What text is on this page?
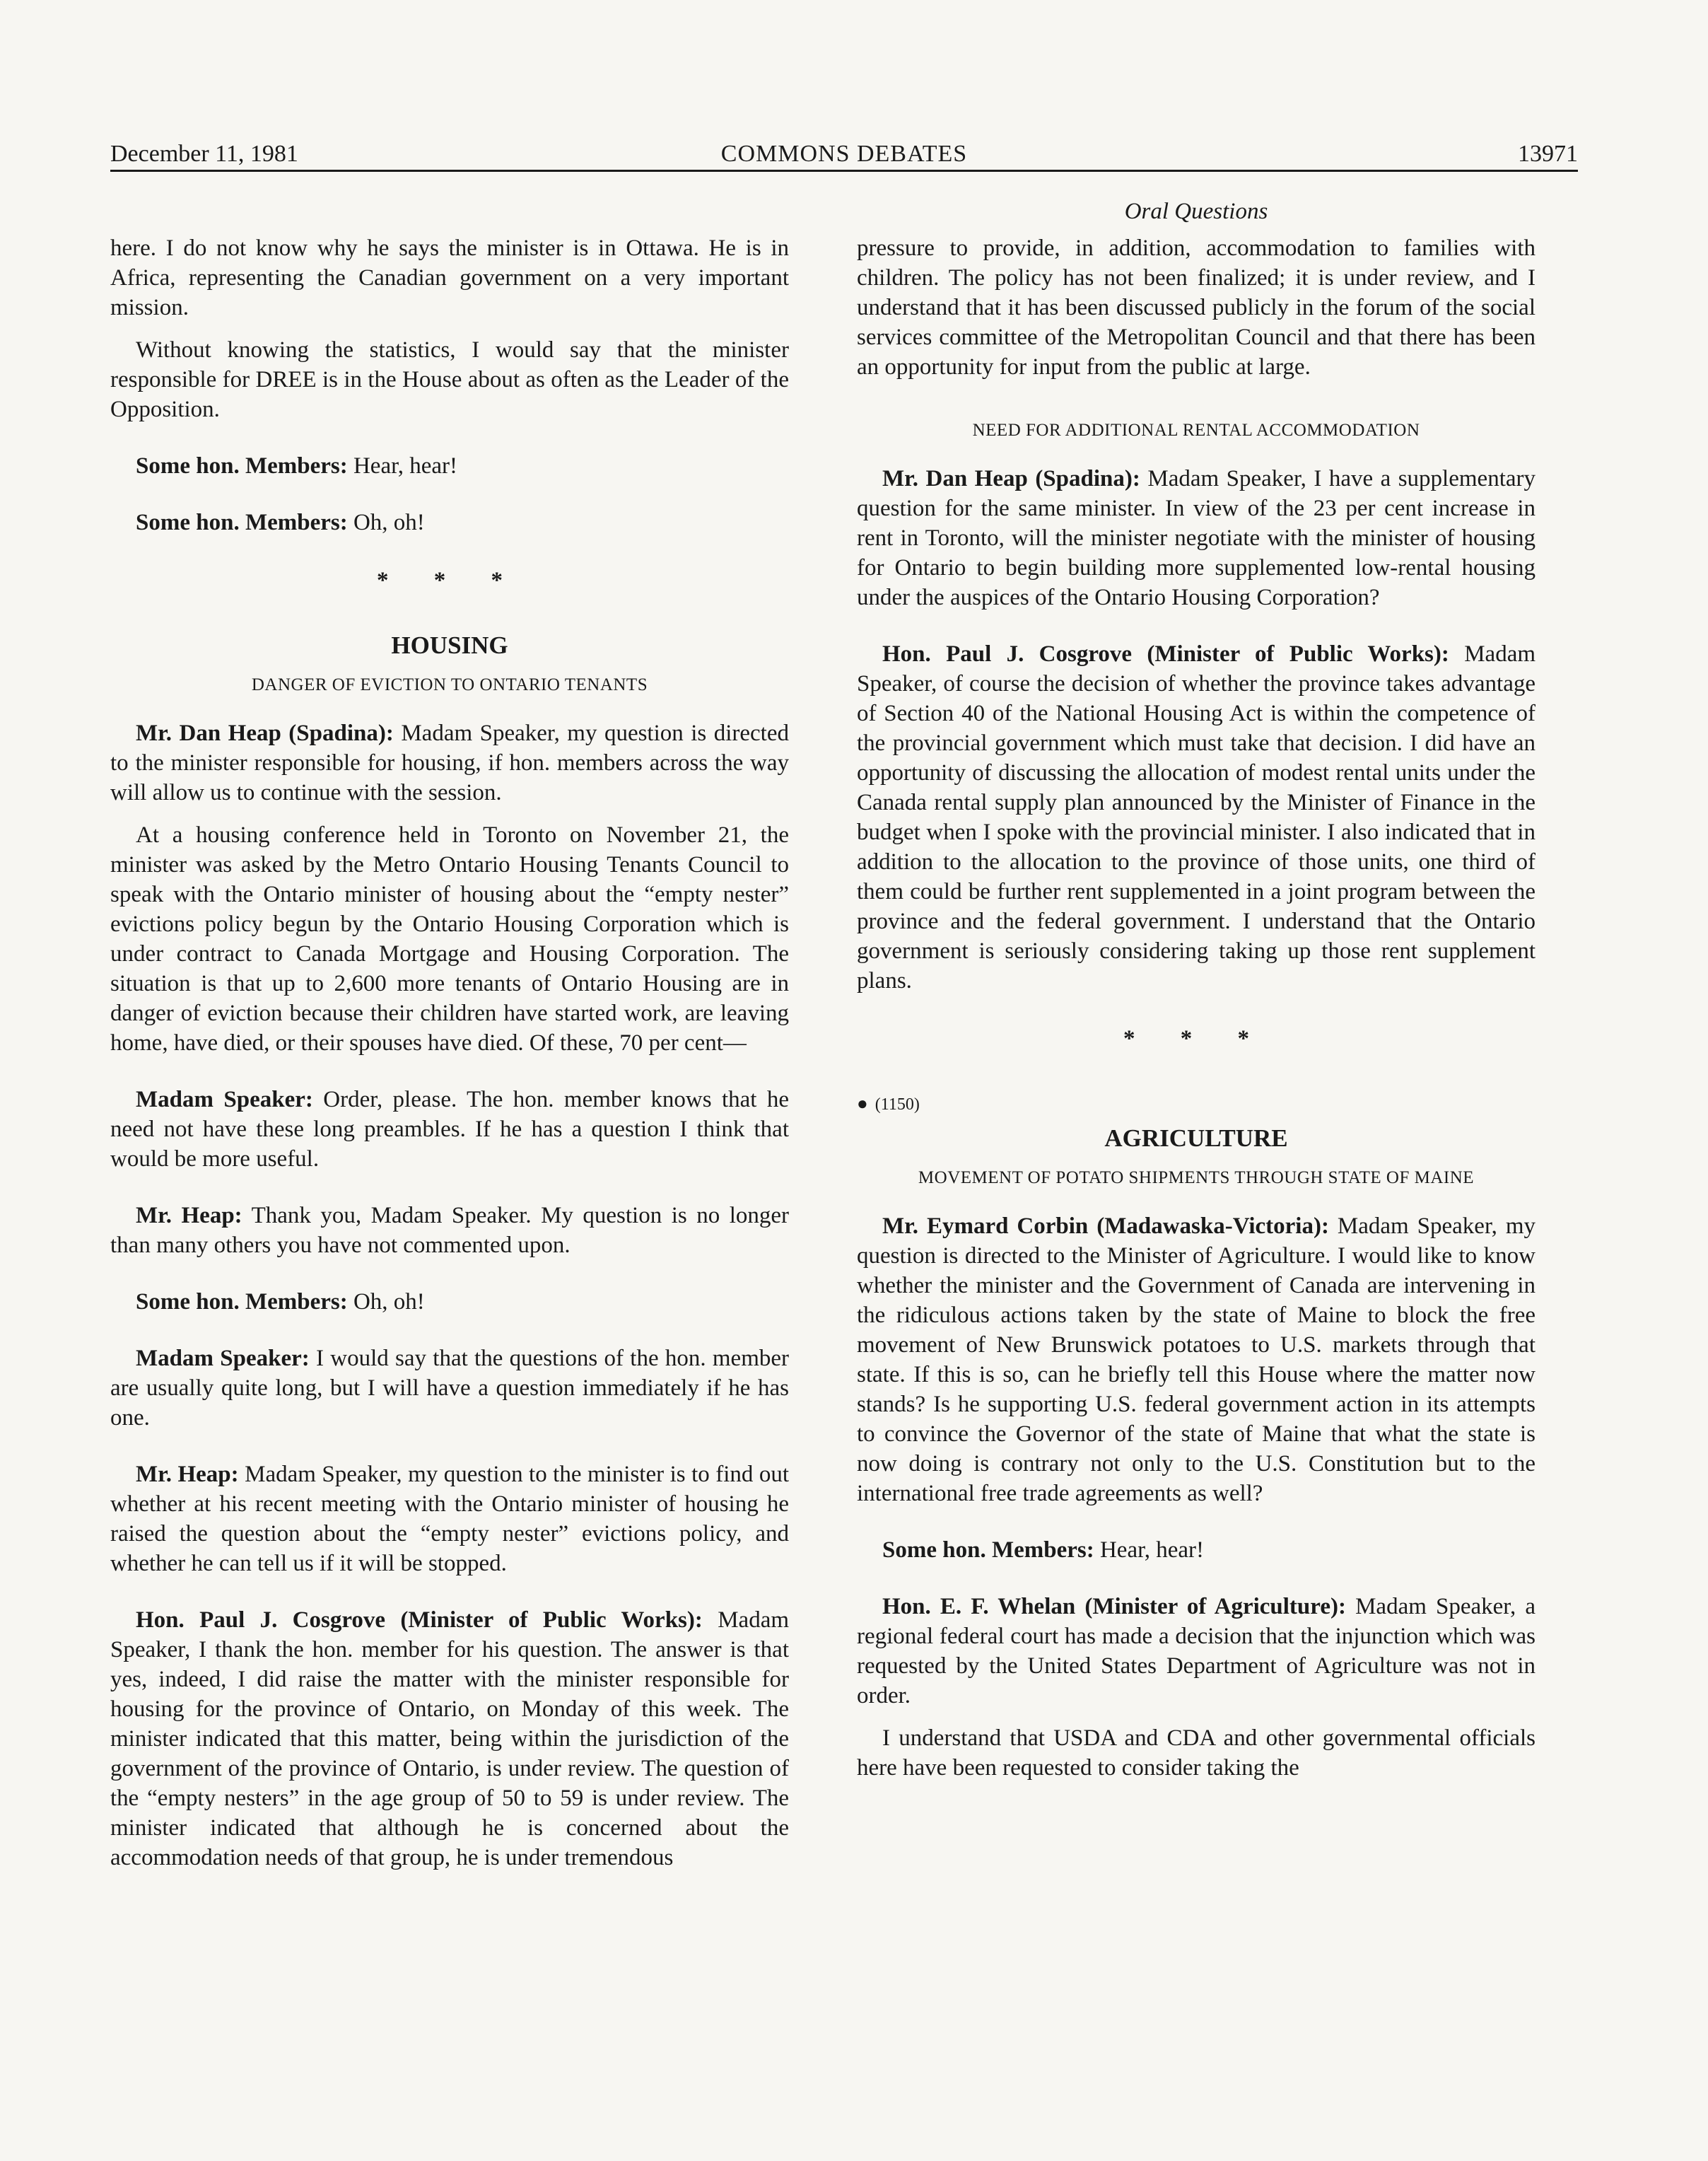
COMMONS DEBATES
December 11, 1981	13971
Oral Questions

here. I do not know why he says the minister is in Ottawa. He is in Africa, representing the Canadian government on a very important mission.

Without knowing the statistics, I would say that the minister responsible for DREE is in the House about as often as the Leader of the Opposition.

Some hon. Members: Hear, hear!

Some hon. Members: Oh, oh!

* * *
HOUSING
DANGER OF EVICTION TO ONTARIO TENANTS

Mr. Dan Heap (Spadina): Madam Speaker, my question is directed to the minister responsible for housing, if hon. members across the way will allow us to continue with the session.

At a housing conference held in Toronto on November 21, the minister was asked by the Metro Ontario Housing Tenants Council to speak with the Ontario minister of housing about the “empty nester” evictions policy begun by the Ontario Housing Corporation which is under contract to Canada Mortgage and Housing Corporation. The situation is that up to 2,600 more tenants of Ontario Housing are in danger of eviction because their children have started work, are leaving home, have died, or their spouses have died. Of these, 70 per cent—

Madam Speaker: Order, please. The hon. member knows that he need not have these long preambles. If he has a question I think that would be more useful.

Mr. Heap: Thank you, Madam Speaker. My question is no longer than many others you have not commented upon.

Some hon. Members: Oh, oh!

Madam Speaker: I would say that the questions of the hon. member are usually quite long, but I will have a question immediately if he has one.

Mr. Heap: Madam Speaker, my question to the minister is to find out whether at his recent meeting with the Ontario minister of housing he raised the question about the “empty nester” evictions policy, and whether he can tell us if it will be stopped.

Hon. Paul J. Cosgrove (Minister of Public Works): Madam Speaker, I thank the hon. member for his question. The answer is that yes, indeed, I did raise the matter with the minister responsible for housing for the province of Ontario, on Monday of this week. The minister indicated that this matter, being within the jurisdiction of the government of the province of Ontario, is under review. The question of the “empty nesters” in the age group of 50 to 59 is under review. The minister indicated that although he is concerned about the accommodation needs of that group, he is under tremendous

pressure to provide, in addition, accommodation to families with children. The policy has not been finalized; it is under review, and I understand that it has been discussed publicly in the forum of the social services committee of the Metropolitan Council and that there has been an opportunity for input from the public at large.

NEED FOR ADDITIONAL RENTAL ACCOMMODATION

Mr. Dan Heap (Spadina): Madam Speaker, I have a supplementary question for the same minister. In view of the 23 per cent increase in rent in Toronto, will the minister negotiate with the minister of housing for Ontario to begin building more supplemented low-rental housing under the auspices of the Ontario Housing Corporation?

Hon. Paul J. Cosgrove (Minister of Public Works): Madam Speaker, of course the decision of whether the province takes advantage of Section 40 of the National Housing Act is within the competence of the provincial government which must take that decision. I did have an opportunity of discussing the allocation of modest rental units under the Canada rental supply plan announced by the Minister of Finance in the budget when I spoke with the provincial minister. I also indicated that in addition to the allocation to the province of those units, one third of them could be further rent supplemented in a joint program between the province and the federal government. I understand that the Ontario government is seriously considering taking up those rent supplement plans.

* * *
● (1150)
AGRICULTURE
MOVEMENT OF POTATO SHIPMENTS THROUGH STATE OF MAINE

Mr. Eymard Corbin (Madawaska-Victoria): Madam Speaker, my question is directed to the Minister of Agriculture. I would like to know whether the minister and the Government of Canada are intervening in the ridiculous actions taken by the state of Maine to block the free movement of New Brunswick potatoes to U.S. markets through that state. If this is so, can he briefly tell this House where the matter now stands? Is he supporting U.S. federal government action in its attempts to convince the Governor of the state of Maine that what the state is now doing is contrary not only to the U.S. Constitution but to the international free trade agreements as well?

Some hon. Members: Hear, hear!

Hon. E. F. Whelan (Minister of Agriculture): Madam Speaker, a regional federal court has made a decision that the injunction which was requested by the United States Department of Agriculture was not in order.

I understand that USDA and CDA and other governmental officials here have been requested to consider taking the
